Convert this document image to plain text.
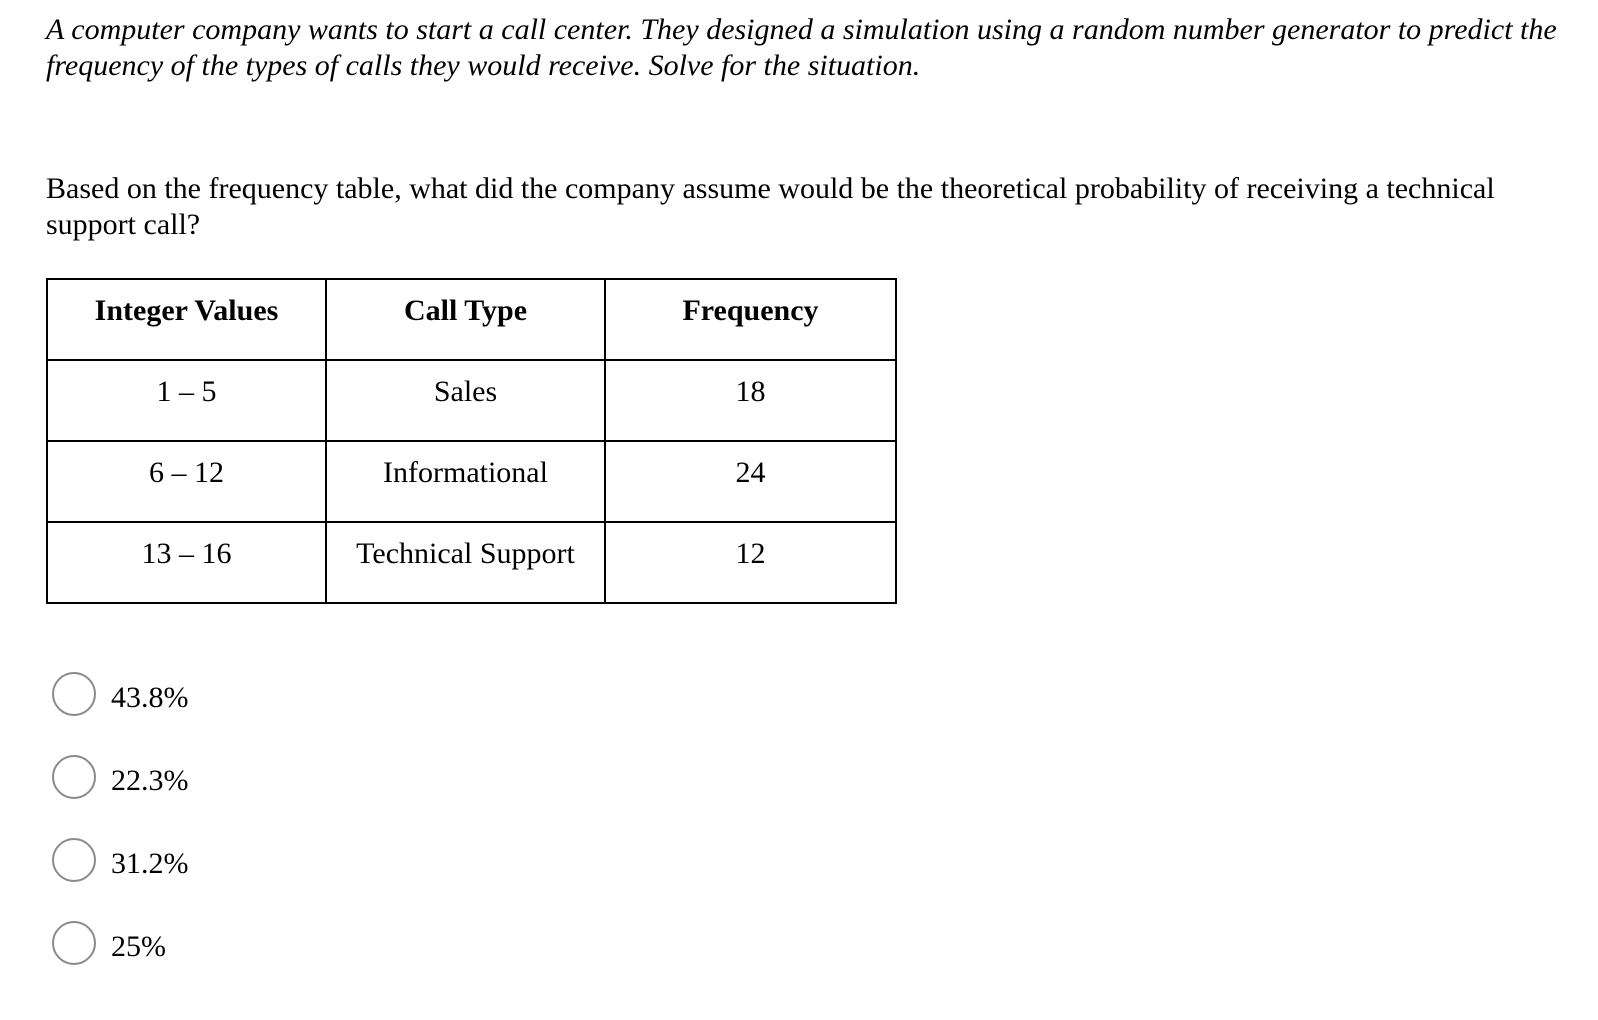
A computer company wants to start a call center. They designed a simulation using a random number generator to predict the frequency of the types of calls they would receive. Solve for the situation.

Based on the frequency table, what did the company assume would be the theoretical probability of receiving a technical support call?

Integer Values	Call Type	Frequency
1 – 5	Sales	18
6 – 12	Informational	24
13 – 16	Technical Support	12
43.8%
22.3%
31.2%
25%
